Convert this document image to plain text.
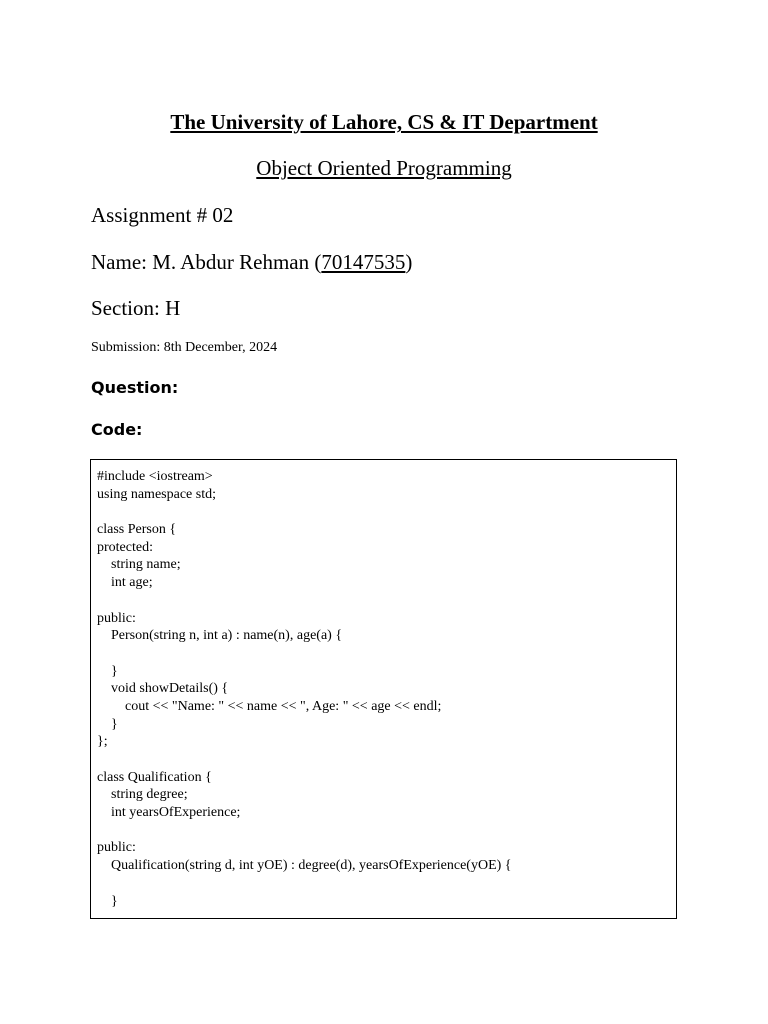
The University of Lahore, CS & IT Department
Object Oriented Programming
Assignment # 02
Name: M. Abdur Rehman (70147535)
Section: H
Submission: 8th December, 2024
Question:
Code:
#include <iostream>
using namespace std;
class Person {
protected:
string name;
int age;
public:
Person(string n, int a) : name(n), age(a) {
}
void showDetails() {
cout << "Name: " << name << ", Age: " << age << endl;
}
};
class Qualification {
string degree;
int yearsOfExperience;
public:
Qualification(string d, int yOE) : degree(d), yearsOfExperience(yOE) {
}
